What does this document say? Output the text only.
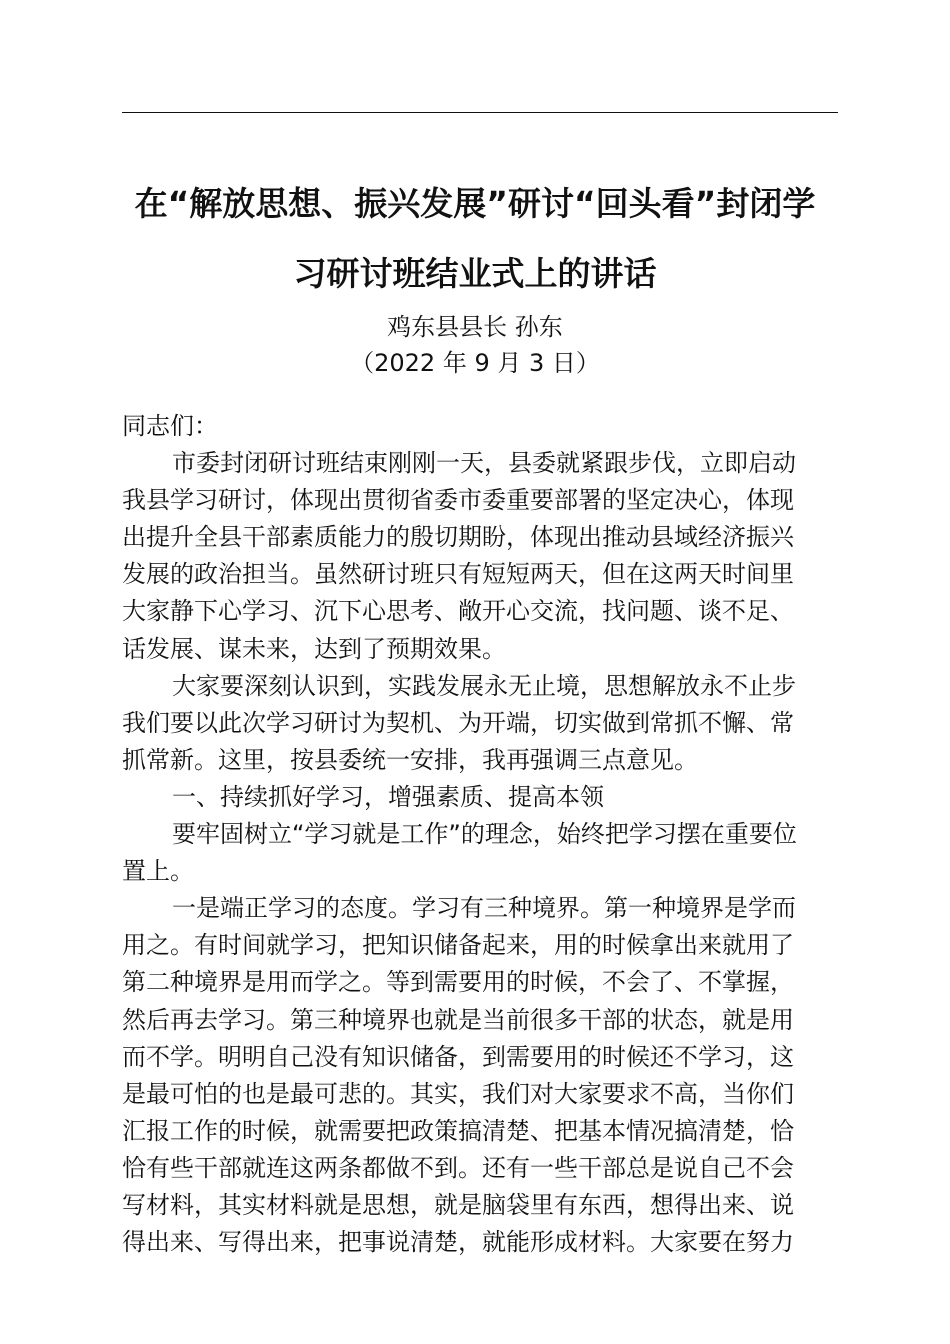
在“解放思想、振兴发展”研讨“回头看”封闭学
习研讨班结业式上的讲话

鸡东县县长 孙东

（2022 年 9 月 3 日）

同志们：

市委封闭研讨班结束刚刚一天，县委就紧跟步伐，立即启动

我县学习研讨，体现出贯彻省委市委重要部署的坚定决心，体现

出提升全县干部素质能力的殷切期盼，体现出推动县域经济振兴

发展的政治担当。虽然研讨班只有短短两天，但在这两天时间里

大家静下心学习、沉下心思考、敞开心交流，找问题、谈不足、

话发展、谋未来，达到了预期效果。

大家要深刻认识到，实践发展永无止境，思想解放永不止步

我们要以此次学习研讨为契机、为开端，切实做到常抓不懈、常

抓常新。这里，按县委统一安排，我再强调三点意见。

一、持续抓好学习，增强素质、提高本领

要牢固树立“学习就是工作”的理念，始终把学习摆在重要位

置上。

一是端正学习的态度。学习有三种境界。第一种境界是学而

用之。有时间就学习，把知识储备起来，用的时候拿出来就用了

第二种境界是用而学之。等到需要用的时候，不会了、不掌握，

然后再去学习。第三种境界也就是当前很多干部的状态，就是用

而不学。明明自己没有知识储备，到需要用的时候还不学习，这

是最可怕的也是最可悲的。其实，我们对大家要求不高，当你们

汇报工作的时候，就需要把政策搞清楚、把基本情况搞清楚，恰

恰有些干部就连这两条都做不到。还有一些干部总是说自己不会

写材料，其实材料就是思想，就是脑袋里有东西，想得出来、说

得出来、写得出来，把事说清楚，就能形成材料。大家要在努力
